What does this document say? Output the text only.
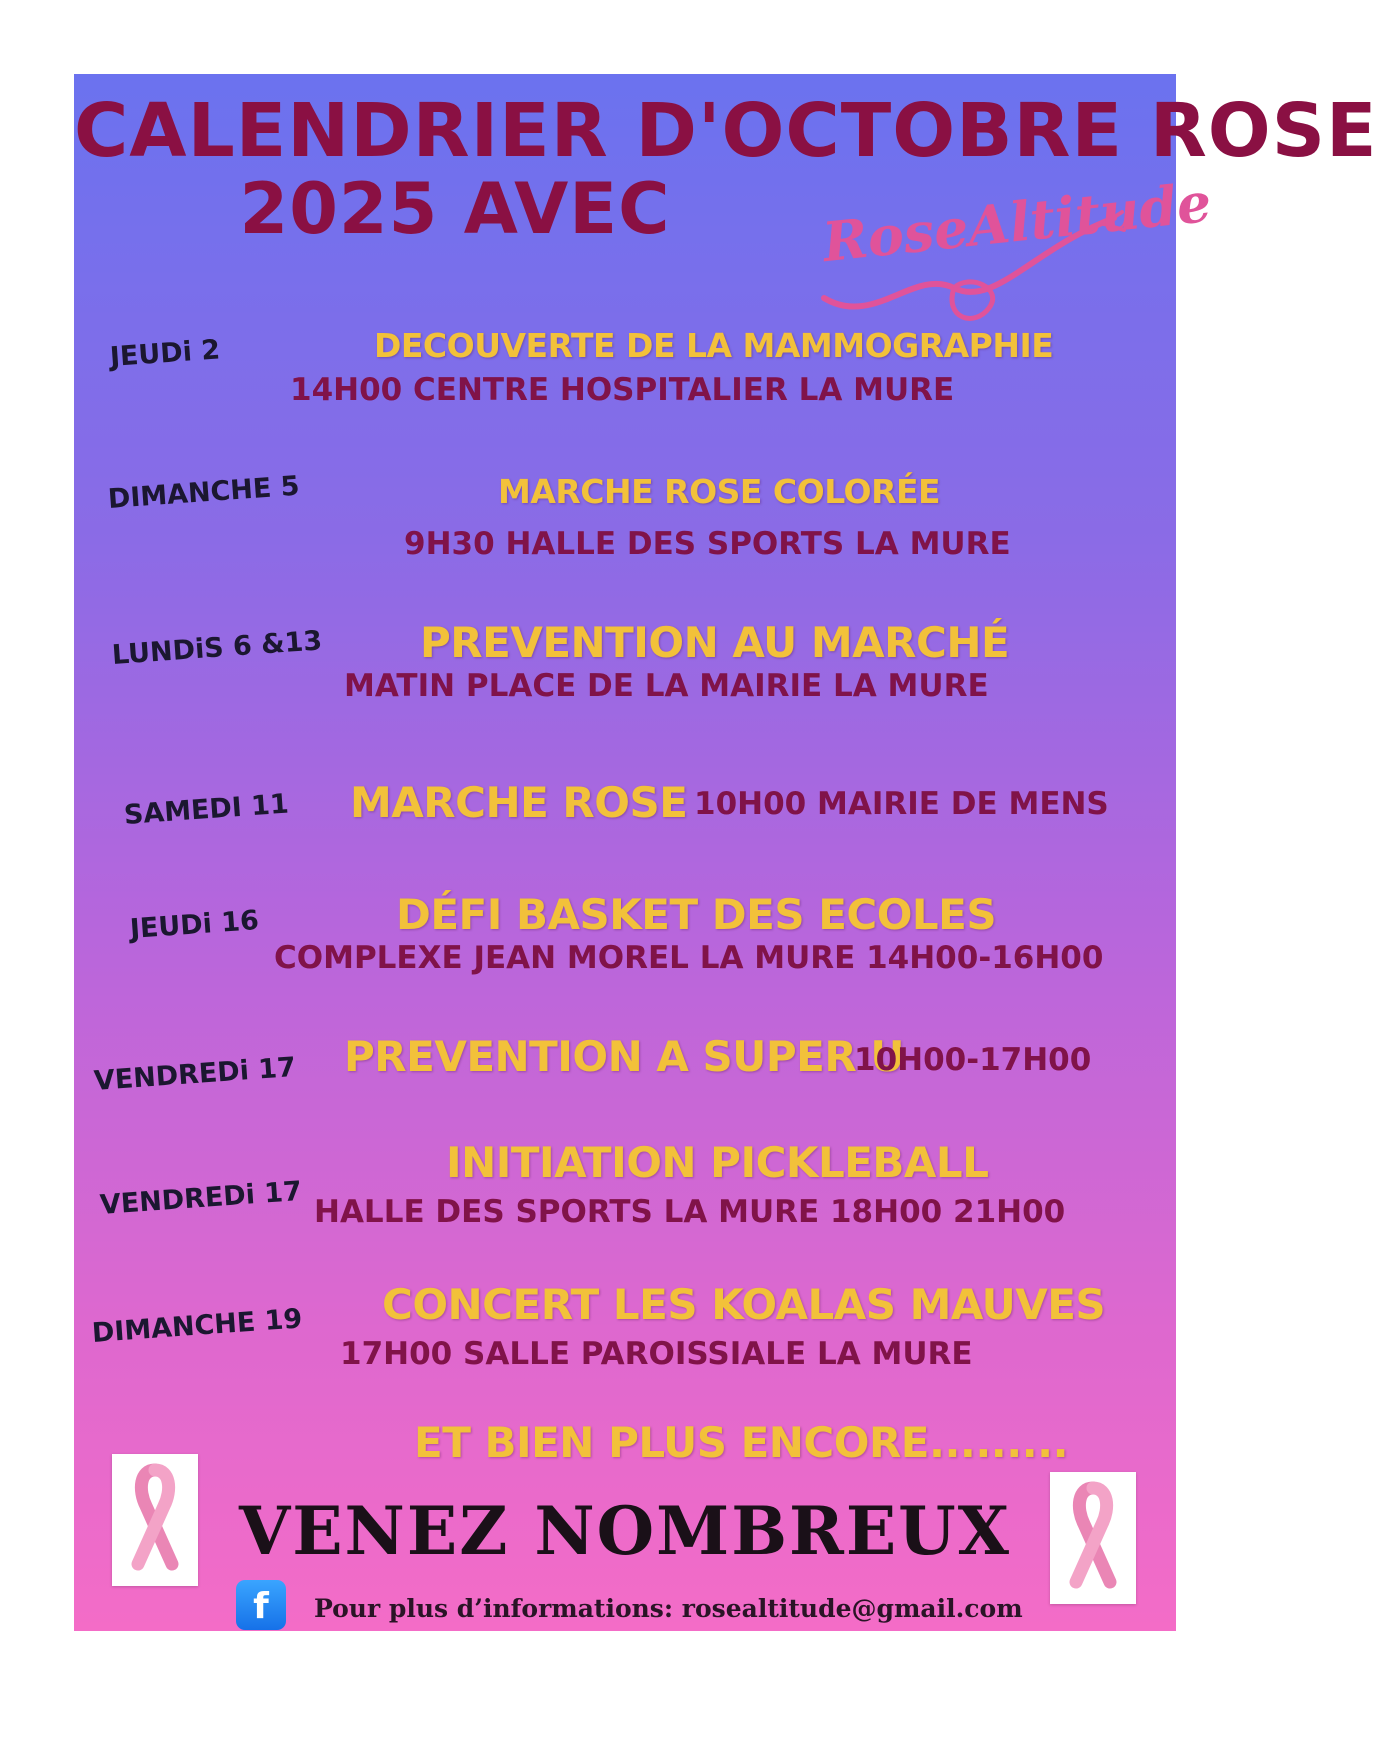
CALENDRIER D'OCTOBRE ROSE
2025 AVEC	RoseAltitude
JEUDi 2	DECOUVERTE DE LA MAMMOGRAPHIE
14H00 CENTRE HOSPITALIER LA MURE
DIMANCHE 5	MARCHE ROSE COLORÉE
9H30 HALLE DES SPORTS LA MURE
LUNDiS 6 &13 PREVENTION AU MARCHÉ
MATIN PLACE DE LA MAIRIE LA MURE
SAMEDI 11 MARCHE ROSE 10H00 MAIRIE DE MENS
JEUDi 16	DÉFI BASKET DES ECOLES
COMPLEXE JEAN MOREL LA MURE 14H00-16H00
VENDREDi 17 PREVENTION A SUPER U
10H00-17H00
VENDREDi 17
INITIATION PICKLEBALL
HALLE DES SPORTS LA MURE 18H00 21H00
DIMANCHE 19 CONCERT LES KOALAS MAUVES
17H00 SALLE PAROISSIALE LA MURE
ET BIEN PLUS ENCORE.........
VENEZ NOMBREUX
f	Pour plus d’informations: rosealtitude@gmail.com
